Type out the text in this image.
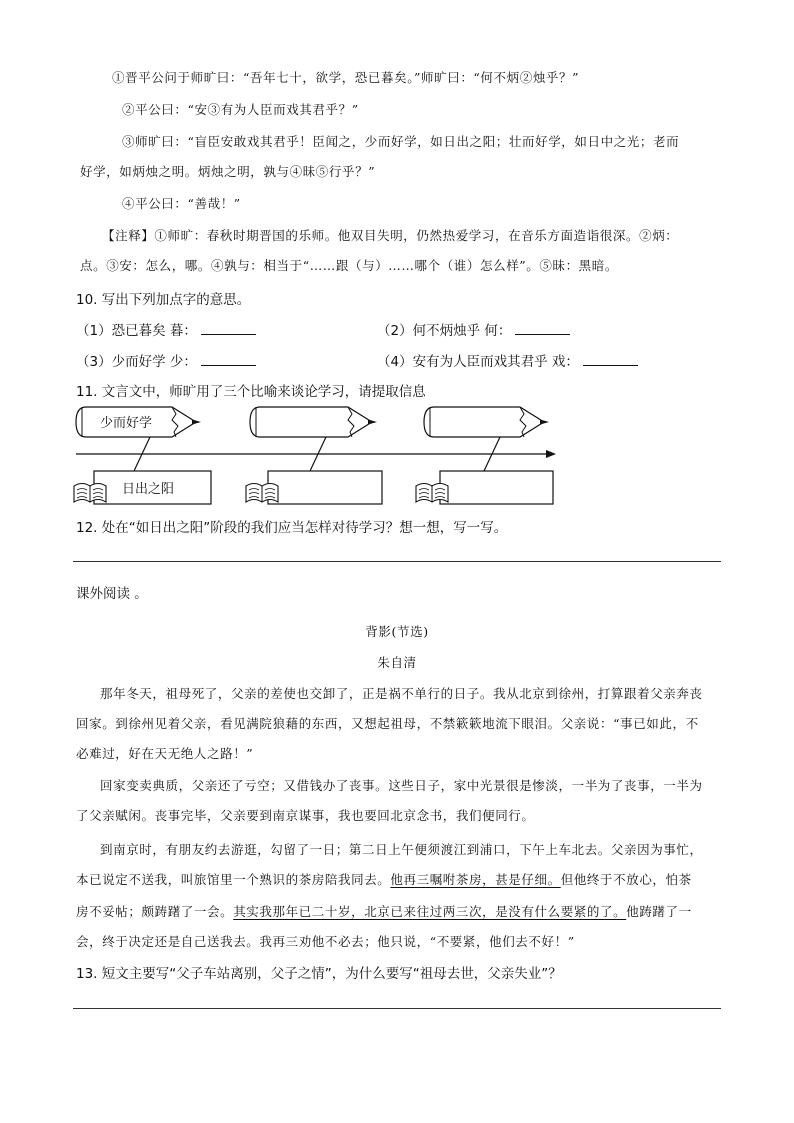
①晋平公问于师旷曰：“吾年七十，欲学，恐已暮矣。”师旷曰：“何不炳②烛乎？”
②平公曰：“安③有为人臣而戏其君乎？”
③师旷曰：“盲臣安敢戏其君乎！臣闻之，少而好学，如日出之阳；壮而好学，如日中之光；老而
好学，如炳烛之明。炳烛之明，孰与④昧⑤行乎？”
④平公曰：“善哉！”
【注释】①师旷：春秋时期晋国的乐师。他双目失明，仍然热爱学习，在音乐方面造诣很深。②炳：
点。③安：怎么，哪。④孰与：相当于“……跟（与）……哪个（谁）怎么样”。⑤昧：黑暗。
10. 写出下列加点字的意思。
（1）恐已暮矣 暮：	（2）何不炳烛乎 何：
（3）少而好学 少：	（4）安有为人臣而戏其君乎 戏：
11. 文言文中，师旷用了三个比喻来谈论学习，请提取信息
少而好学
日出之阳
12. 处在“如日出之阳”阶段的我们应当怎样对待学习？想一想，写一写。
课外阅读 。
背影(节选)
朱自清
那年冬天，祖母死了，父亲的差使也交卸了，正是祸不单行的日子。我从北京到徐州，打算跟着父亲奔丧
回家。到徐州见着父亲，看见满院狼藉的东西，又想起祖母，不禁簌簌地流下眼泪。父亲说：“事已如此，不
必难过，好在天无绝人之路！”
回家变卖典质，父亲还了亏空；又借钱办了丧事。这些日子，家中光景很是惨淡，一半为了丧事，一半为
了父亲赋闲。丧事完毕，父亲要到南京谋事，我也要回北京念书，我们便同行。
到南京时，有朋友约去游逛，勾留了一日；第二日上午便须渡江到浦口，下午上车北去。父亲因为事忙，
本已说定不送我，叫旅馆里一个熟识的茶房陪我同去。他再三嘱咐茶房，甚是仔细。但他终于不放心，怕茶
房不妥帖；颇踌躇了一会。其实我那年已二十岁，北京已来往过两三次，是没有什么要紧的了。他踌躇了一
会，终于决定还是自己送我去。我再三劝他不必去；他只说，“不要紧，他们去不好！”
13. 短文主要写“父子车站离别，父子之情”，为什么要写“祖母去世，父亲失业”？
